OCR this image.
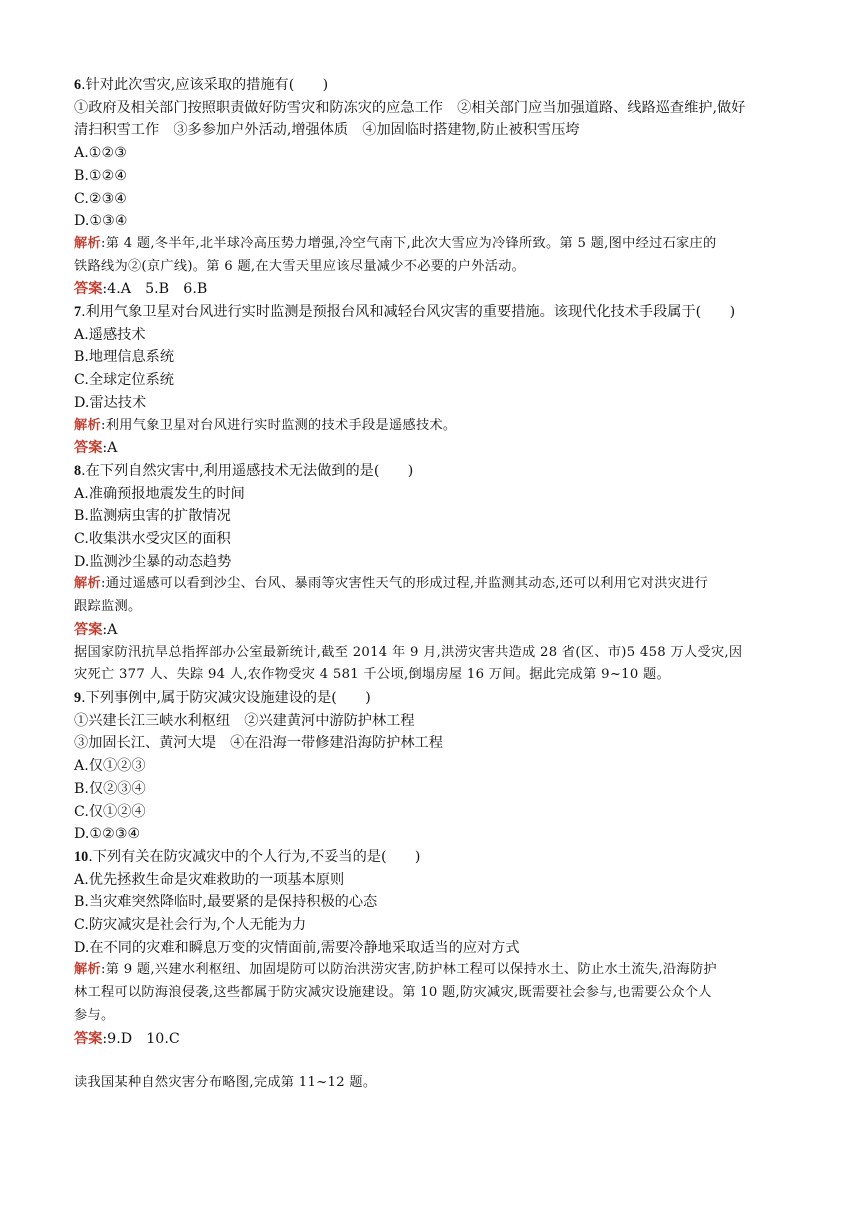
6.针对此次雪灾,应该采取的措施有(　　)
①政府及相关部门按照职责做好防雪灾和防冻灾的应急工作　②相关部门应当加强道路、线路巡查维护,做好
清扫积雪工作　③多参加户外活动,增强体质　④加固临时搭建物,防止被积雪压垮
A.①②③
B.①②④
C.②③④
D.①③④
解析:第 4 题,冬半年,北半球冷高压势力增强,冷空气南下,此次大雪应为冷锋所致。第 5 题,图中经过石家庄的
铁路线为②(京广线)。第 6 题,在大雪天里应该尽量减少不必要的户外活动。
答案:4.A　5.B　6.B
7.利用气象卫星对台风进行实时监测是预报台风和减轻台风灾害的重要措施。该现代化技术手段属于(　　)
A.遥感技术
B.地理信息系统
C.全球定位系统
D.雷达技术
解析:利用气象卫星对台风进行实时监测的技术手段是遥感技术。
答案:A
8.在下列自然灾害中,利用遥感技术无法做到的是(　　)
A.准确预报地震发生的时间
B.监测病虫害的扩散情况
C.收集洪水受灾区的面积
D.监测沙尘暴的动态趋势
解析:通过遥感可以看到沙尘、台风、暴雨等灾害性天气的形成过程,并监测其动态,还可以利用它对洪灾进行
跟踪监测。
答案:A
据国家防汛抗旱总指挥部办公室最新统计,截至 2014 年 9 月,洪涝灾害共造成 28 省(区、市)5 458 万人受灾,因
灾死亡 377 人、失踪 94 人,农作物受灾 4 581 千公顷,倒塌房屋 16 万间。据此完成第 9~10 题。
9.下列事例中,属于防灾减灾设施建设的是(　　)
①兴建长江三峡水利枢纽　②兴建黄河中游防护林工程
③加固长江、黄河大堤　④在沿海一带修建沿海防护林工程
A.仅①②③
B.仅②③④
C.仅①②④
D.①②③④
10.下列有关在防灾减灾中的个人行为,不妥当的是(　　)
A.优先拯救生命是灾难救助的一项基本原则
B.当灾难突然降临时,最要紧的是保持积极的心态
C.防灾减灾是社会行为,个人无能为力
D.在不同的灾难和瞬息万变的灾情面前,需要冷静地采取适当的应对方式
解析:第 9 题,兴建水利枢纽、加固堤防可以防治洪涝灾害,防护林工程可以保持水土、防止水土流失,沿海防护
林工程可以防海浪侵袭,这些都属于防灾减灾设施建设。第 10 题,防灾减灾,既需要社会参与,也需要公众个人
参与。
答案:9.D　10.C
读我国某种自然灾害分布略图,完成第 11~12 题。
